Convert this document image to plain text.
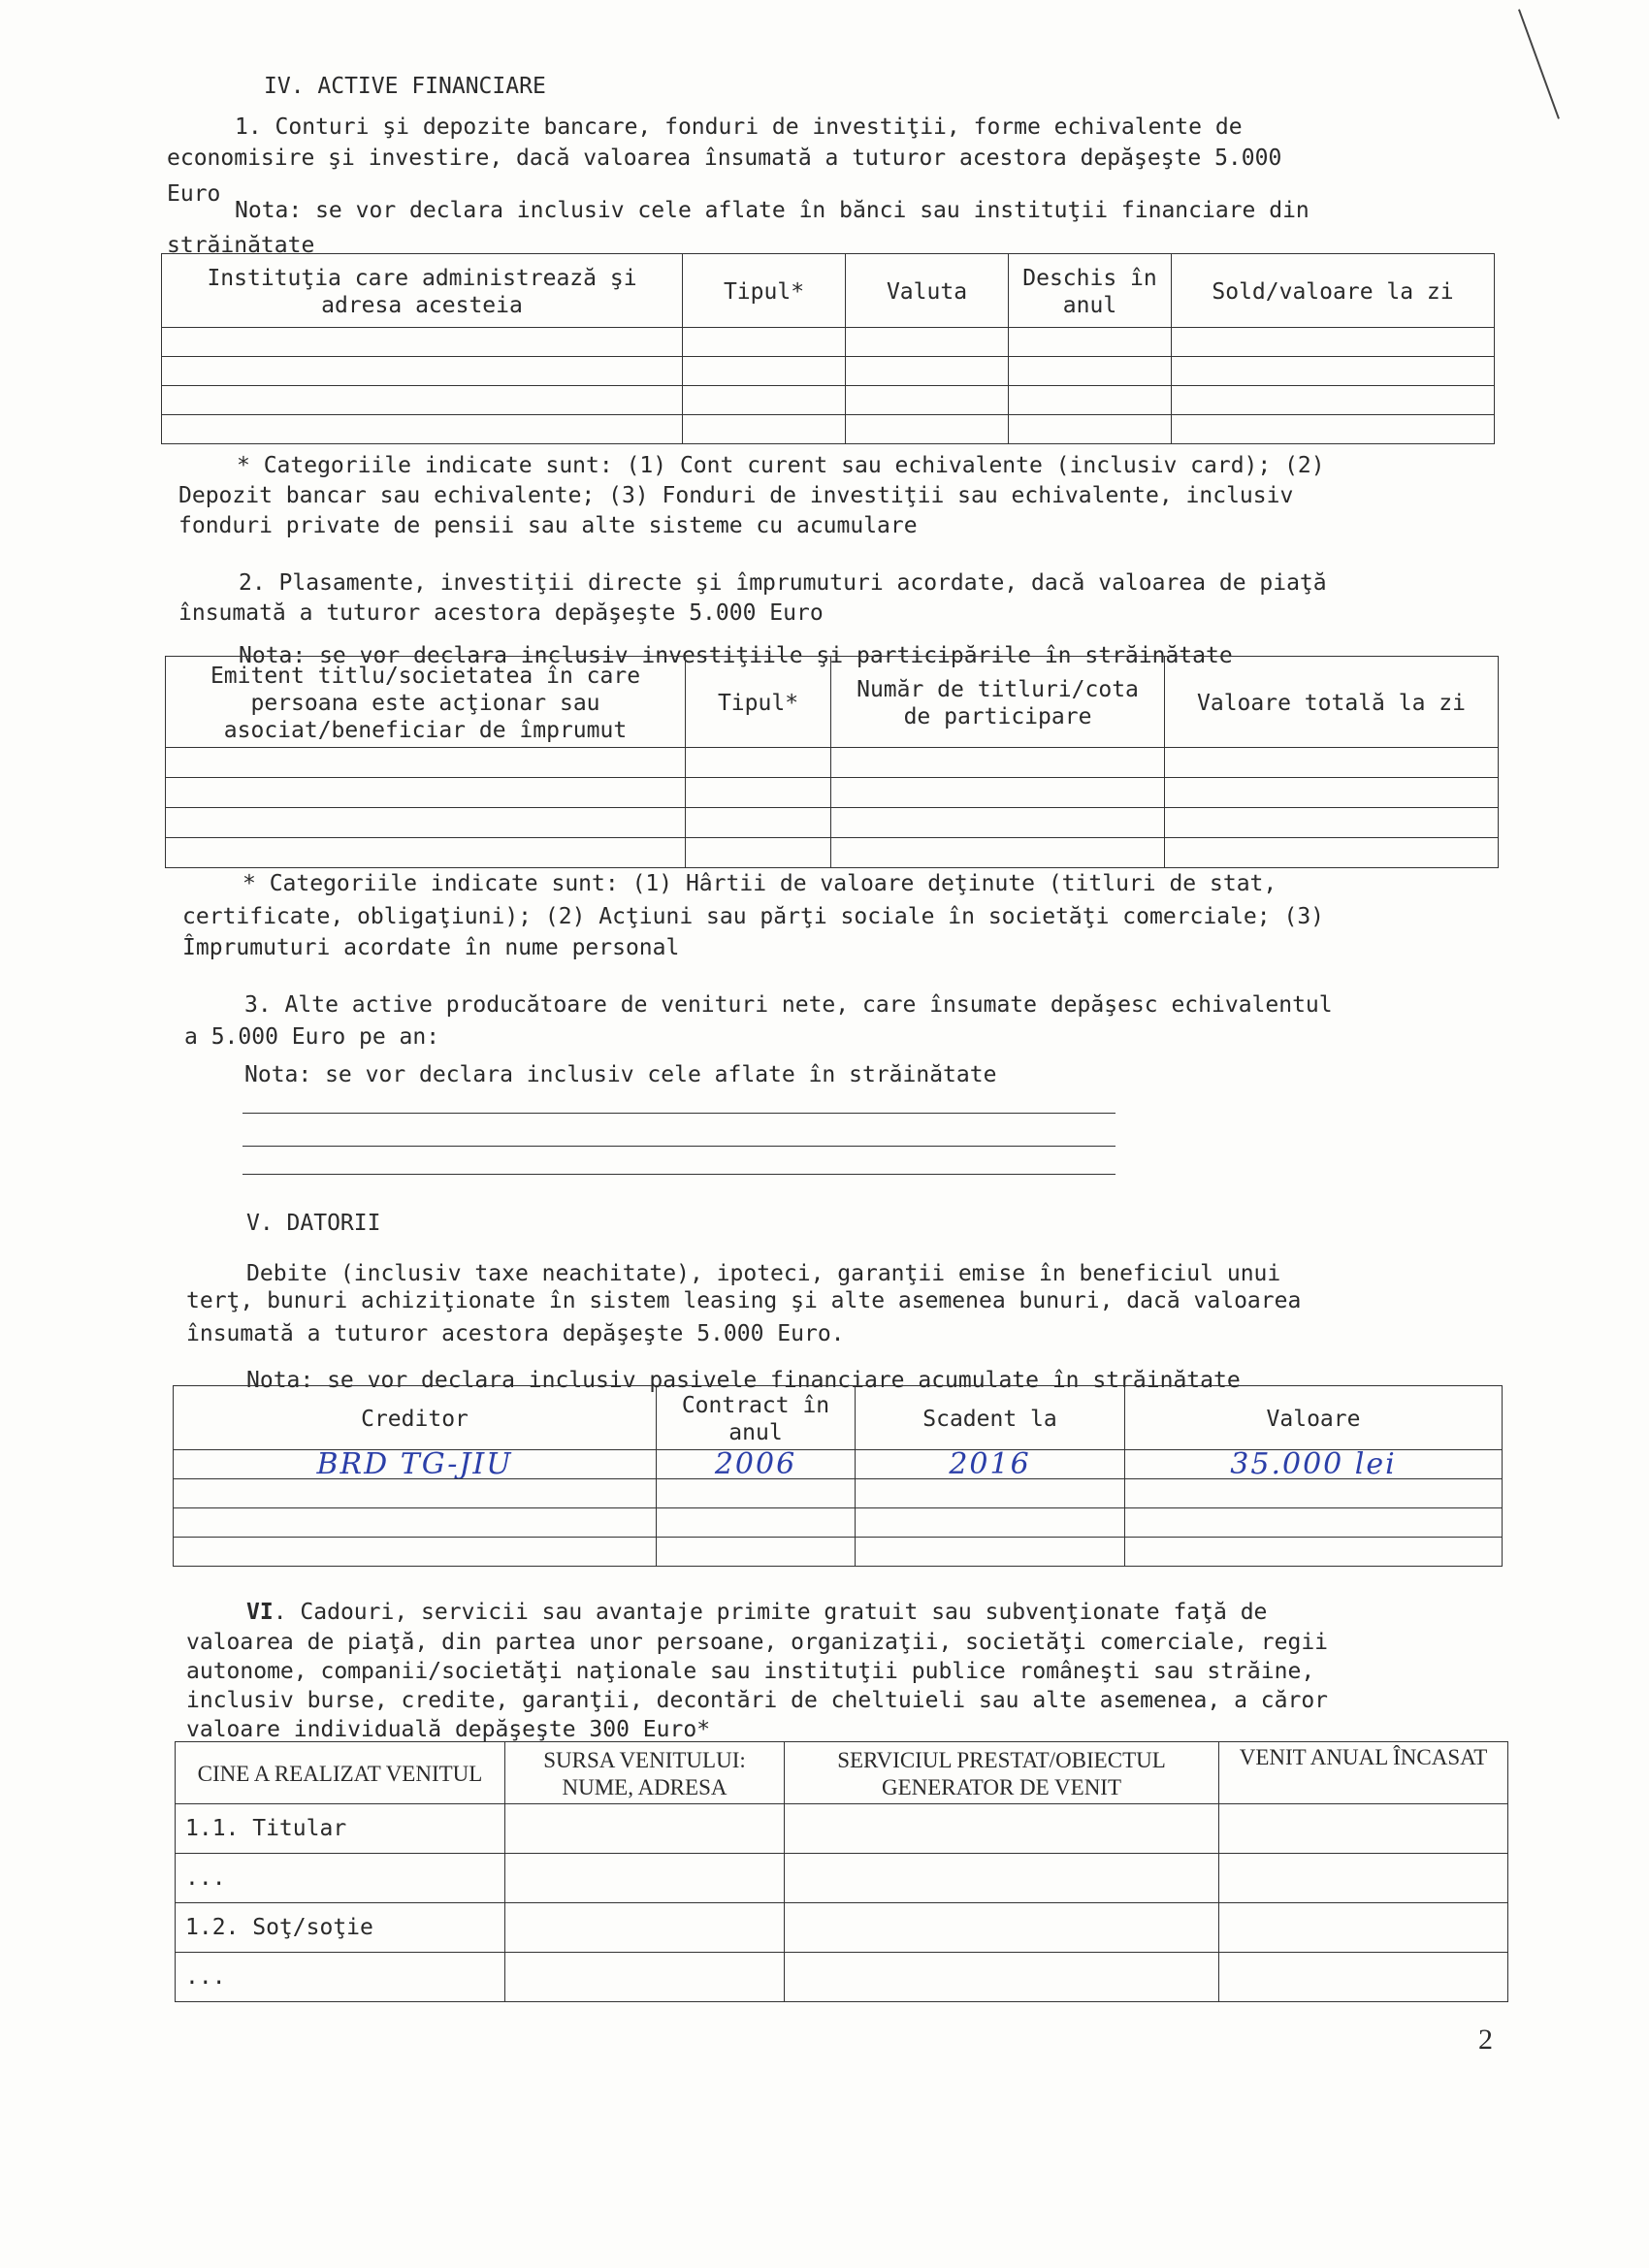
IV. ACTIVE FINANCIARE
1. Conturi şi depozite bancare, fonduri de investiţii, forme echivalente de
economisire şi investire, dacă valoarea însumată a tuturor acestora depăşeşte 5.000
Euro
Nota: se vor declara inclusiv cele aflate în bănci sau instituţii financiare din
străinătate
Instituţia care administrează şi adresa acesteia	Tipul*	Valuta	Deschis în anul	Sold/valoare la zi

* Categoriile indicate sunt: (1) Cont curent sau echivalente (inclusiv card); (2)
Depozit bancar sau echivalente; (3) Fonduri de investiţii sau echivalente, inclusiv
fonduri private de pensii sau alte sisteme cu acumulare
2. Plasamente, investiţii directe şi împrumuturi acordate, dacă valoarea de piaţă
însumată a tuturor acestora depăşeşte 5.000 Euro
Nota: se vor declara inclusiv investiţiile şi participările în străinătate
Emitent titlu/societatea în care persoana este acţionar sau asociat/beneficiar de împrumut	Tipul*	Număr de titluri/cota de participare	Valoare totală la zi

* Categoriile indicate sunt: (1) Hârtii de valoare deţinute (titluri de stat,
certificate, obligaţiuni); (2) Acţiuni sau părţi sociale în societăţi comerciale; (3)
Împrumuturi acordate în nume personal
3. Alte active producătoare de venituri nete, care însumate depăşesc echivalentul
a 5.000 Euro pe an:
Nota: se vor declara inclusiv cele aflate în străinătate
V. DATORII
Debite (inclusiv taxe neachitate), ipoteci, garanţii emise în beneficiul unui
terţ, bunuri achiziţionate în sistem leasing şi alte asemenea bunuri, dacă valoarea
însumată a tuturor acestora depăşeşte 5.000 Euro.
Nota: se vor declara inclusiv pasivele financiare acumulate în străinătate
Creditor	Contract în anul	Scadent la	Valoare
BRD TG-JIU	2006	2016	35.000 lei

VI. Cadouri, servicii sau avantaje primite gratuit sau subvenţionate faţă de
valoarea de piaţă, din partea unor persoane, organizaţii, societăţi comerciale, regii
autonome, companii/societăţi naţionale sau instituţii publice româneşti sau străine,
inclusiv burse, credite, garanţii, decontări de cheltuieli sau alte asemenea, a căror
valoare individuală depăşeşte 300 Euro*
CINE A REALIZAT VENITUL	SURSA VENITULUI: NUME, ADRESA	SERVICIUL PRESTAT/OBIECTUL GENERATOR DE VENIT	VENIT ANUAL ÎNCASAT
1.1. Titular			
...			
1.2. Soţ/soţie			
...			
2
